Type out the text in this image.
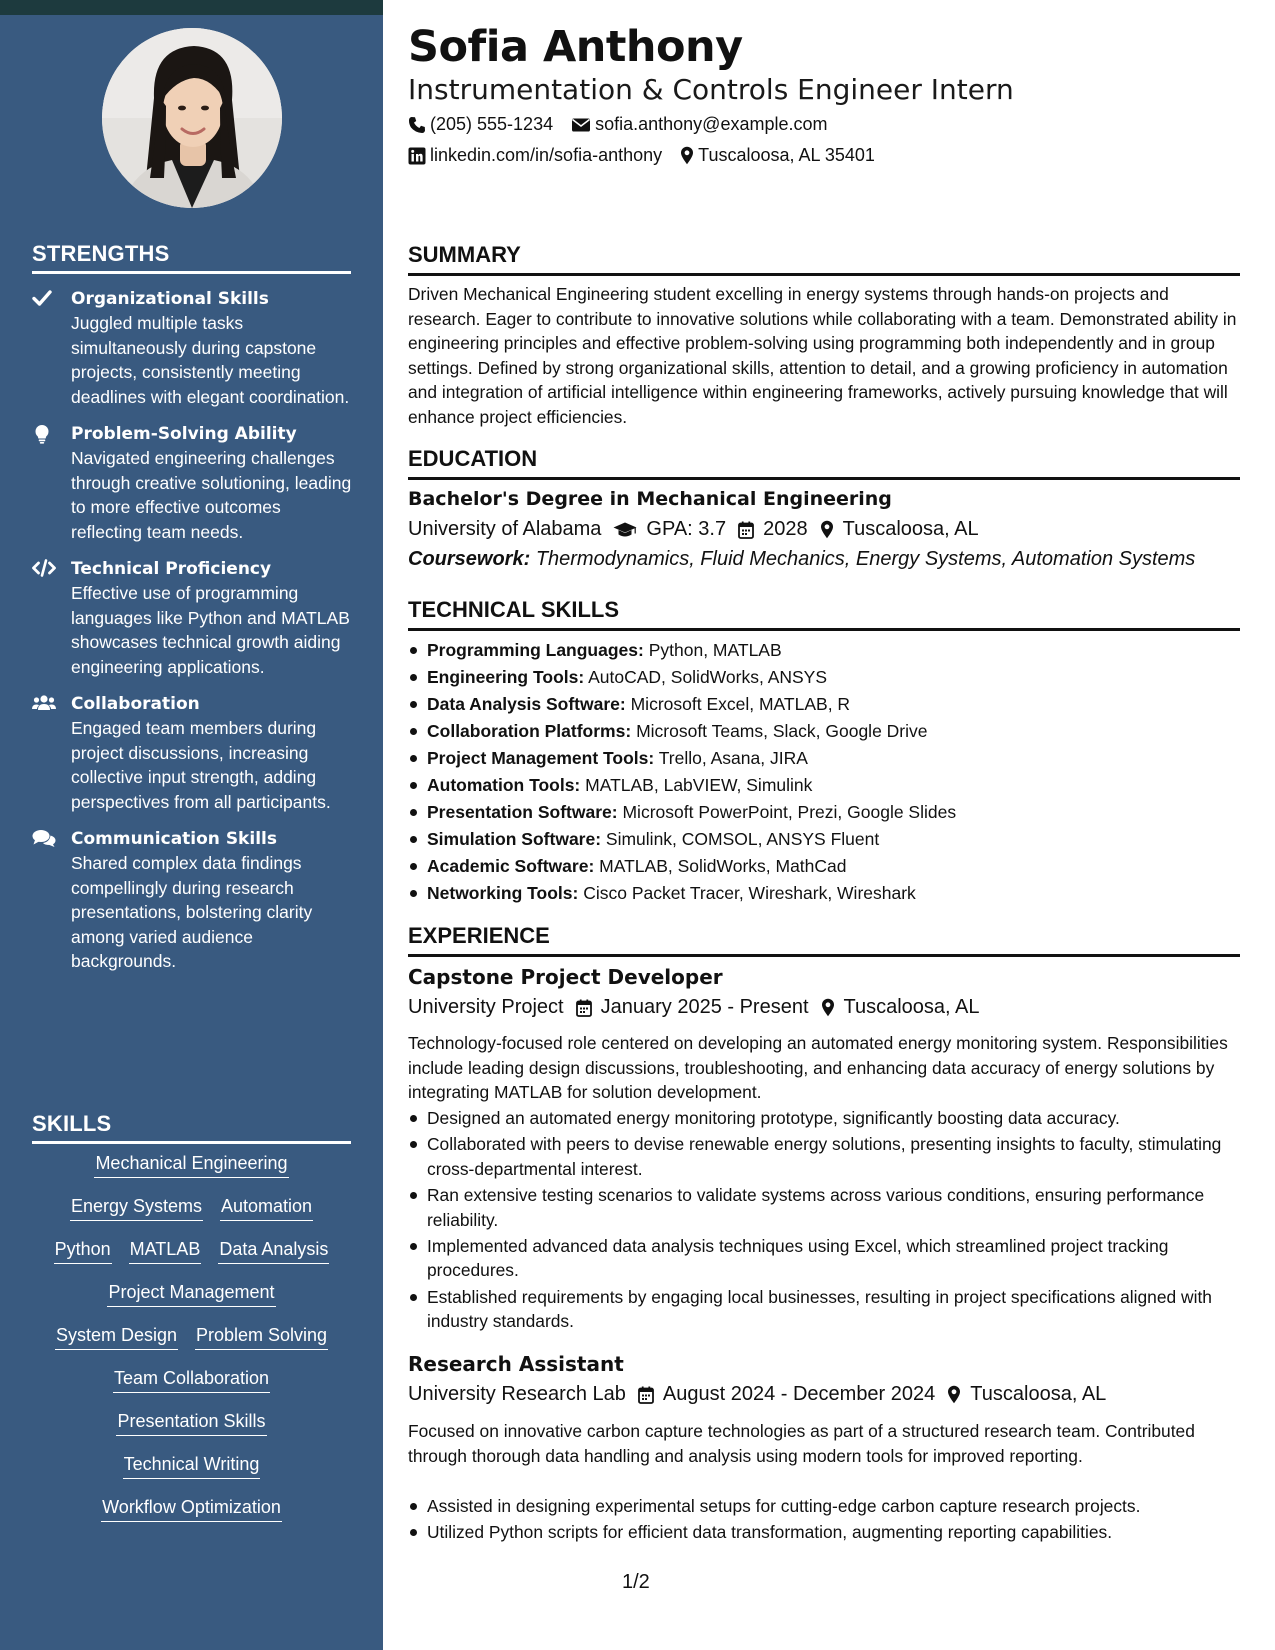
STRENGTHS
Organizational Skills
Juggled multiple tasks simultaneously during capstone projects, consistently meeting deadlines with elegant coordination.
Problem-Solving Ability
Navigated engineering challenges through creative solutioning, leading to more effective outcomes reflecting team needs.
Technical Proficiency
Effective use of programming languages like Python and MATLAB showcases technical growth aiding engineering applications.
Collaboration
Engaged team members during project discussions, increasing collective input strength, adding perspectives from all participants.
Communication Skills
Shared complex data findings compellingly during research presentations, bolstering clarity among varied audience backgrounds.
SKILLS
Mechanical Engineering
Energy Systems Automation
Python MATLAB Data Analysis
Project Management
System Design Problem Solving
Team Collaboration
Presentation Skills
Technical Writing
Workflow Optimization
Sofia Anthony
Instrumentation & Controls Engineer Intern
(205) 555-1234 sofia.anthony@example.com
linkedin.com/in/sofia-anthony Tuscaloosa, AL 35401
SUMMARY
Driven Mechanical Engineering student excelling in energy systems through hands-on projects and research. Eager to contribute to innovative solutions while collaborating with a team. Demonstrated ability in engineering principles and effective problem-solving using programming both independently and in group settings. Defined by strong organizational skills, attention to detail, and a growing proficiency in automation and integration of artificial intelligence within engineering frameworks, actively pursuing knowledge that will enhance project efficiencies.
EDUCATION
Bachelor's Degree in Mechanical Engineering
University of Alabama GPA: 3.7 2028 Tuscaloosa, AL
Coursework: Thermodynamics, Fluid Mechanics, Energy Systems, Automation Systems
TECHNICAL SKILLS
Programming Languages: Python, MATLAB
Engineering Tools: AutoCAD, SolidWorks, ANSYS
Data Analysis Software: Microsoft Excel, MATLAB, R
Collaboration Platforms: Microsoft Teams, Slack, Google Drive
Project Management Tools: Trello, Asana, JIRA
Automation Tools: MATLAB, LabVIEW, Simulink
Presentation Software: Microsoft PowerPoint, Prezi, Google Slides
Simulation Software: Simulink, COMSOL, ANSYS Fluent
Academic Software: MATLAB, SolidWorks, MathCad
Networking Tools: Cisco Packet Tracer, Wireshark, Wireshark
EXPERIENCE
Capstone Project Developer
University Project January 2025 - Present Tuscaloosa, AL
Technology-focused role centered on developing an automated energy monitoring system. Responsibilities include leading design discussions, troubleshooting, and enhancing data accuracy of energy solutions by integrating MATLAB for solution development.
Designed an automated energy monitoring prototype, significantly boosting data accuracy.
Collaborated with peers to devise renewable energy solutions, presenting insights to faculty, stimulating cross-departmental interest.
Ran extensive testing scenarios to validate systems across various conditions, ensuring performance reliability.
Implemented advanced data analysis techniques using Excel, which streamlined project tracking procedures.
Established requirements by engaging local businesses, resulting in project specifications aligned with industry standards.
Research Assistant
University Research Lab August 2024 - December 2024 Tuscaloosa, AL
Focused on innovative carbon capture technologies as part of a structured research team. Contributed through thorough data handling and analysis using modern tools for improved reporting.
Assisted in designing experimental setups for cutting-edge carbon capture research projects.
Utilized Python scripts for efficient data transformation, augmenting reporting capabilities.
1/2
